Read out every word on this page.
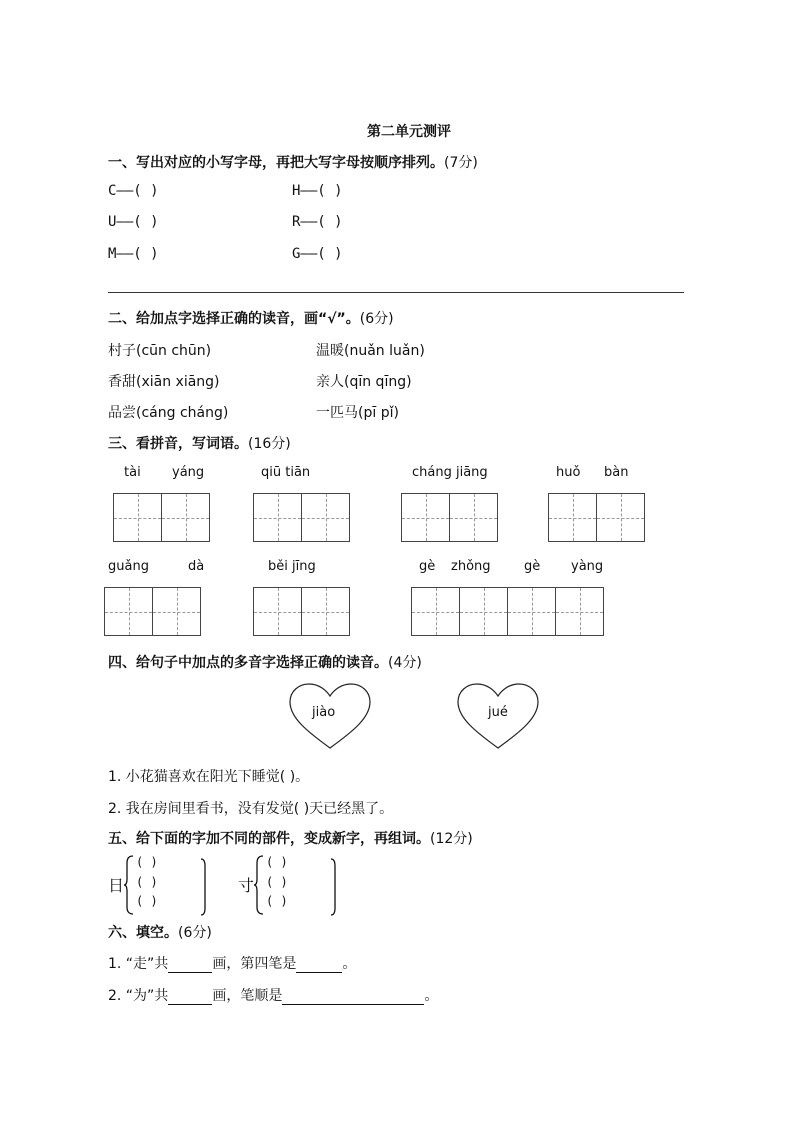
第二单元测评
一、写出对应的小写字母，再把大写字母按顺序排列。(7分)
C——( )	H——( )
U——( )	R——( )
M——( )	G——( )
二、给加点字选择正确的读音，画“√”。(6分)
村子(cūn chūn)	温暖(nuǎn luǎn)
香甜(xiān xiāng)	亲人(qīn qīng)
品尝(cáng cháng)	一匹马(pī pǐ)
三、看拼音，写词语。(16分)
tài yáng	qiū tiān	cháng jiāng	huǒ bàn
guǎng	dà	běi jīng	gè zhǒng	gè yàng
四、给句子中加点的多音字选择正确的读音。(4分)
jiào	jué
1. 小花猫喜欢在阳光下睡觉( )。
2. 我在房间里看书，没有发觉( )天已经黑了。
五、给下面的字加不同的部件，变成新字，再组词。(12分)
日
( )
( )
( )
寸
( )
( )
( )
六、填空。(6分)
1. “走”共	画，第四笔是	。
2. “为”共	画，笔顺是	。
